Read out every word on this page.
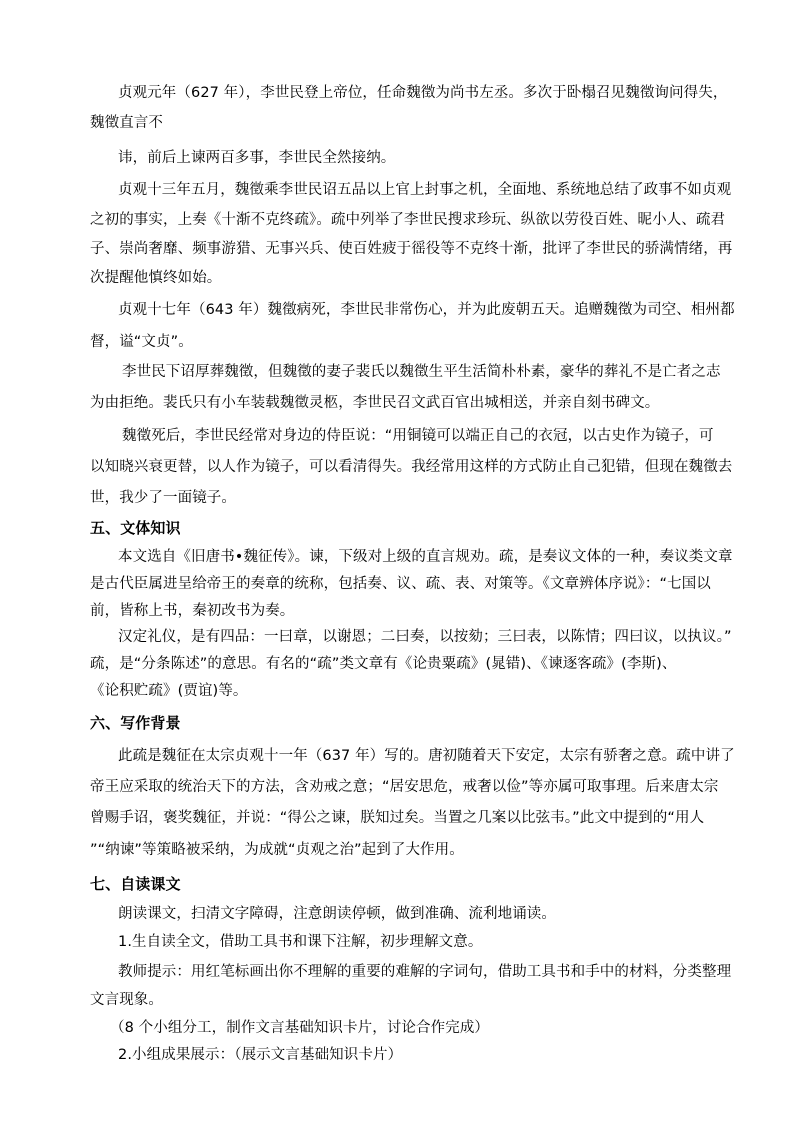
贞观元年（627 年），李世民登上帝位，任命魏徵为尚书左丞。多次于卧榻召见魏徵询问得失，
魏徵直言不
讳，前后上谏两百多事，李世民全然接纳。
贞观十三年五月，魏徵乘李世民诏五品以上官上封事之机，全面地、系统地总结了政事不如贞观
之初的事实，上奏《十渐不克终疏》。疏中列举了李世民搜求珍玩、纵欲以劳役百姓、昵小人、疏君
子、崇尚奢靡、频事游猎、无事兴兵、使百姓疲于徭役等不克终十渐，批评了李世民的骄满情绪，再
次提醒他慎终如始。
贞观十七年（643 年）魏徵病死，李世民非常伤心，并为此废朝五天。追赠魏徵为司空、相州都
督，谥“文贞”。
李世民下诏厚葬魏徵，但魏徵的妻子裴氏以魏徵生平生活简朴朴素，豪华的葬礼不是亡者之志
为由拒绝。裴氏只有小车装载魏徵灵柩，李世民召文武百官出城相送，并亲自刻书碑文。
魏徵死后，李世民经常对身边的侍臣说：“用铜镜可以端正自己的衣冠，以古史作为镜子，可
以知晓兴衰更替，以人作为镜子，可以看清得失。我经常用这样的方式防止自己犯错，但现在魏徵去
世，我少了一面镜子。
五、文体知识
本文选自《旧唐书•魏征传》。谏，下级对上级的直言规劝。疏，是奏议文体的一种，奏议类文章
是古代臣属进呈给帝王的奏章的统称，包括奏、议、疏、表、对策等。《文章辨体序说》：“七国以
前，皆称上书，秦初改书为奏。
汉定礼仪，是有四品：一曰章，以谢恩；二曰奏，以按劾；三曰表，以陈情；四曰议，以执议。”
疏，是“分条陈述”的意思。有名的“疏”类文章有《论贵粟疏》(晁错)、《谏逐客疏》(李斯)、
《论积贮疏》(贾谊)等。
六、写作背景
此疏是魏征在太宗贞观十一年（637 年）写的。唐初随着天下安定，太宗有骄奢之意。疏中讲了
帝王应采取的统治天下的方法，含劝戒之意；“居安思危，戒奢以俭”等亦属可取事理。后来唐太宗
曾赐手诏，褒奖魏征，并说：“得公之谏，朕知过矣。当置之几案以比弦韦。”此文中提到的“用人
”“纳谏”等策略被采纳，为成就“贞观之治”起到了大作用。
七、自读课文
朗读课文，扫清文字障碍，注意朗读停顿，做到准确、流利地诵读。
1.生自读全文，借助工具书和课下注解，初步理解文意。
教师提示：用红笔标画出你不理解的重要的难解的字词句，借助工具书和手中的材料，分类整理
文言现象。
（8 个小组分工，制作文言基础知识卡片，讨论合作完成）
2.小组成果展示：（展示文言基础知识卡片）
